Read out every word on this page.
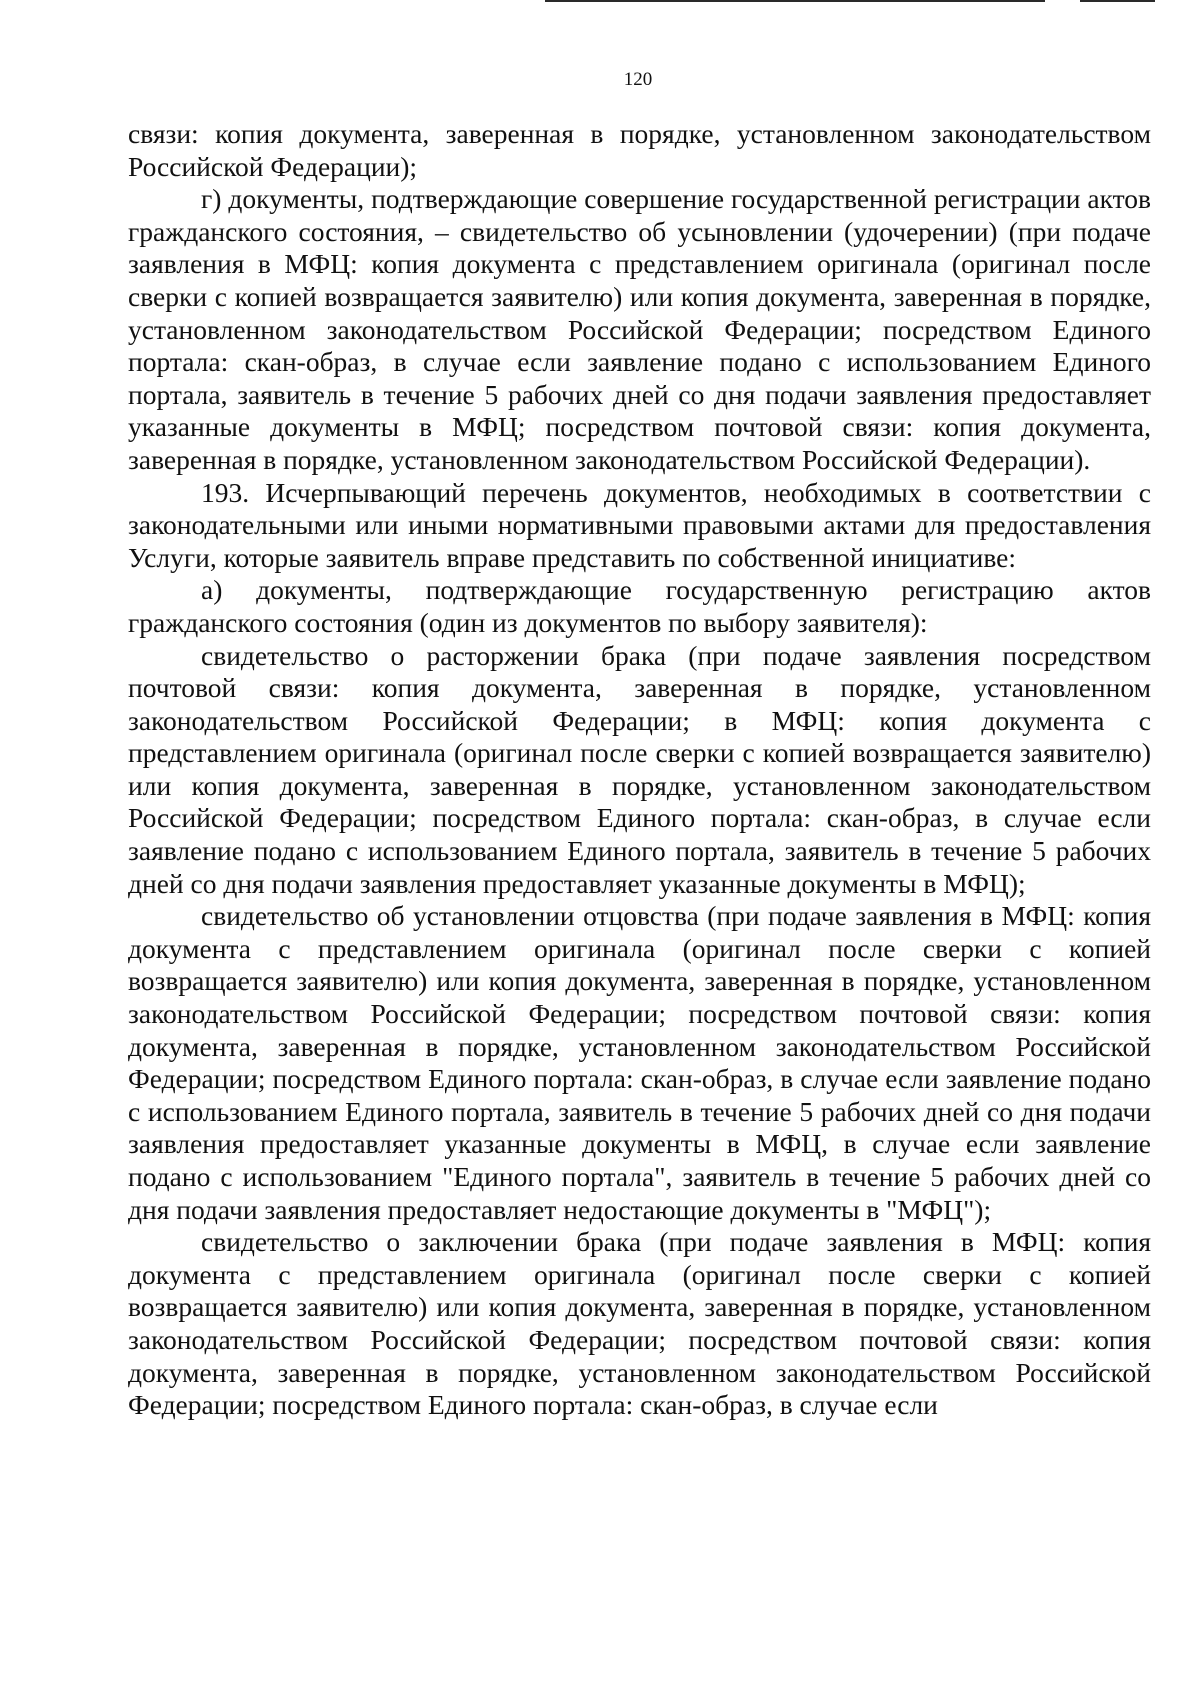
120

связи: копия документа, заверенная в порядке, установленном законодательством Российской Федерации);

г) документы, подтверждающие совершение государственной регистрации актов гражданского состояния, – свидетельство об усыновлении (удочерении) (при подаче заявления в МФЦ: копия документа с представлением оригинала (оригинал после сверки с копией возвращается заявителю) или копия документа, заверенная в порядке, установленном законодательством Российской Федерации; посредством Единого портала: скан-образ, в случае если заявление подано с использованием Единого портала, заявитель в течение 5 рабочих дней со дня подачи заявления предоставляет указанные документы в МФЦ; посредством почтовой связи: копия документа, заверенная в порядке, установленном законодательством Российской Федерации).

193. Исчерпывающий перечень документов, необходимых в соответствии с законодательными или иными нормативными правовыми актами для предоставления Услуги, которые заявитель вправе представить по собственной инициативе:

а) документы, подтверждающие государственную регистрацию актов гражданского состояния (один из документов по выбору заявителя):

свидетельство о расторжении брака (при подаче заявления посредством почтовой связи: копия документа, заверенная в порядке, установленном законодательством Российской Федерации; в МФЦ: копия документа с представлением оригинала (оригинал после сверки с копией возвращается заявителю) или копия документа, заверенная в порядке, установленном законодательством Российской Федерации; посредством Единого портала: скан-образ, в случае если заявление подано с использованием Единого портала, заявитель в течение 5 рабочих дней со дня подачи заявления предоставляет указанные документы в МФЦ);

свидетельство об установлении отцовства (при подаче заявления в МФЦ: копия документа с представлением оригинала (оригинал после сверки с копией возвращается заявителю) или копия документа, заверенная в порядке, установленном законодательством Российской Федерации; посредством почтовой связи: копия документа, заверенная в порядке, установленном законодательством Российской Федерации; посредством Единого портала: скан-образ, в случае если заявление подано с использованием Единого портала, заявитель в течение 5 рабочих дней со дня подачи заявления предоставляет указанные документы в МФЦ, в случае если заявление подано с использованием "Единого портала", заявитель в течение 5 рабочих дней со дня подачи заявления предоставляет недостающие документы в "МФЦ");

свидетельство о заключении брака (при подаче заявления в МФЦ: копия документа с представлением оригинала (оригинал после сверки с копией возвращается заявителю) или копия документа, заверенная в порядке, установленном законодательством Российской Федерации; посредством почтовой связи: копия документа, заверенная в порядке, установленном законодательством Российской Федерации; посредством Единого портала: скан-образ, в случае если
